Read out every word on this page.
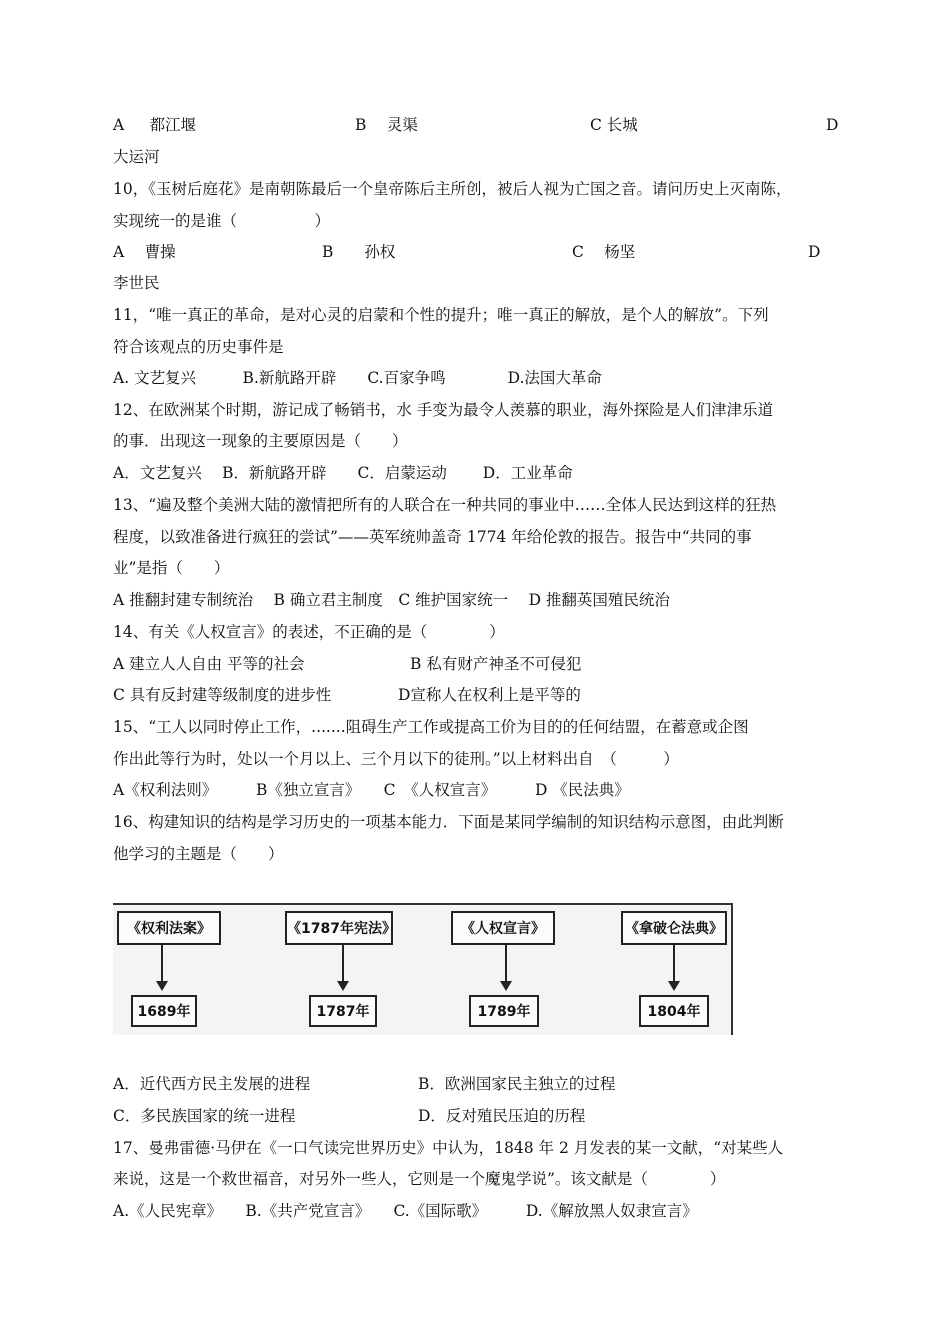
A　  都江堰	B　 灵渠	C 长城	D
大运河
10，《玉树后庭花》是南朝陈最后一个皇帝陈后主所创，被后人视为亡国之音。请问历史上灭南陈，
实现统一的是谁（　　　　　）
A　 曹操	B　　孙权	C　 杨坚	D
李世民
11，“唯一真正的革命，是对心灵的启蒙和个性的提升；唯一真正的解放，是个人的解放”。下列
符合该观点的历史事件是
A. 文艺复兴　　　B.新航路开辟　　C.百家争鸣　　　　D.法国大革命
12、在欧洲某个时期，游记成了畅销书，水 手变为最令人羡慕的职业，海外探险是人们津津乐道
的事．出现这一现象的主要原因是（　　）
A．文艺复兴　 B．新航路开辟　　C．启蒙运动　　 D．工业革命
13、“遍及整个美洲大陆的激情把所有的人联合在一种共同的事业中……全体人民达到这样的狂热
程度，以致准备进行疯狂的尝试”——英军统帅盖奇 1774 年给伦敦的报告。报告中“共同的事
业”是指（　　）
A 推翻封建专制统治　 B 确立君主制度　C 维护国家统一　 D 推翻英国殖民统治
14、有关《人权宣言》的表述，不正确的是（　　　　）
A 建立人人自由 平等的社会	B 私有财产神圣不可侵犯
C 具有反封建等级制度的进步性	D宣称人在权利上是平等的
15、“工人以同时停止工作，.......阻碍生产工作或提高工价为目的的任何结盟，在蓄意或企图
作出此等行为时，处以一个月以上、三个月以下的徒刑。”以上材料出自　（　　　）
A《权利法则》　　　B《独立宣言》　　C　《人权宣言》　　　D 《民法典》
16、构建知识的结构是学习历史的一项基本能力．下面是某同学编制的知识结构示意图，由此判断
他学习的主题是（　　）
《权利法案》	《1787年宪法》	《人权宣言》	《拿破仑法典》
1689年	1787年	1789年	1804年
A．近代西方民主发展的进程	B．欧洲国家民主独立的过程
C．多民族国家的统一进程	D．反对殖民压迫的历程
17、曼弗雷德·马伊在《一口气读完世界历史》中认为，1848 年 2 月发表的某一文献，“对某些人
来说，这是一个救世福音，对另外一些人，它则是一个魔鬼学说”。该文献是（　　　　）
A.《人民宪章》　　B.《共产党宣言》　　C.《国际歌》　　　D.《解放黑人奴隶宣言》
